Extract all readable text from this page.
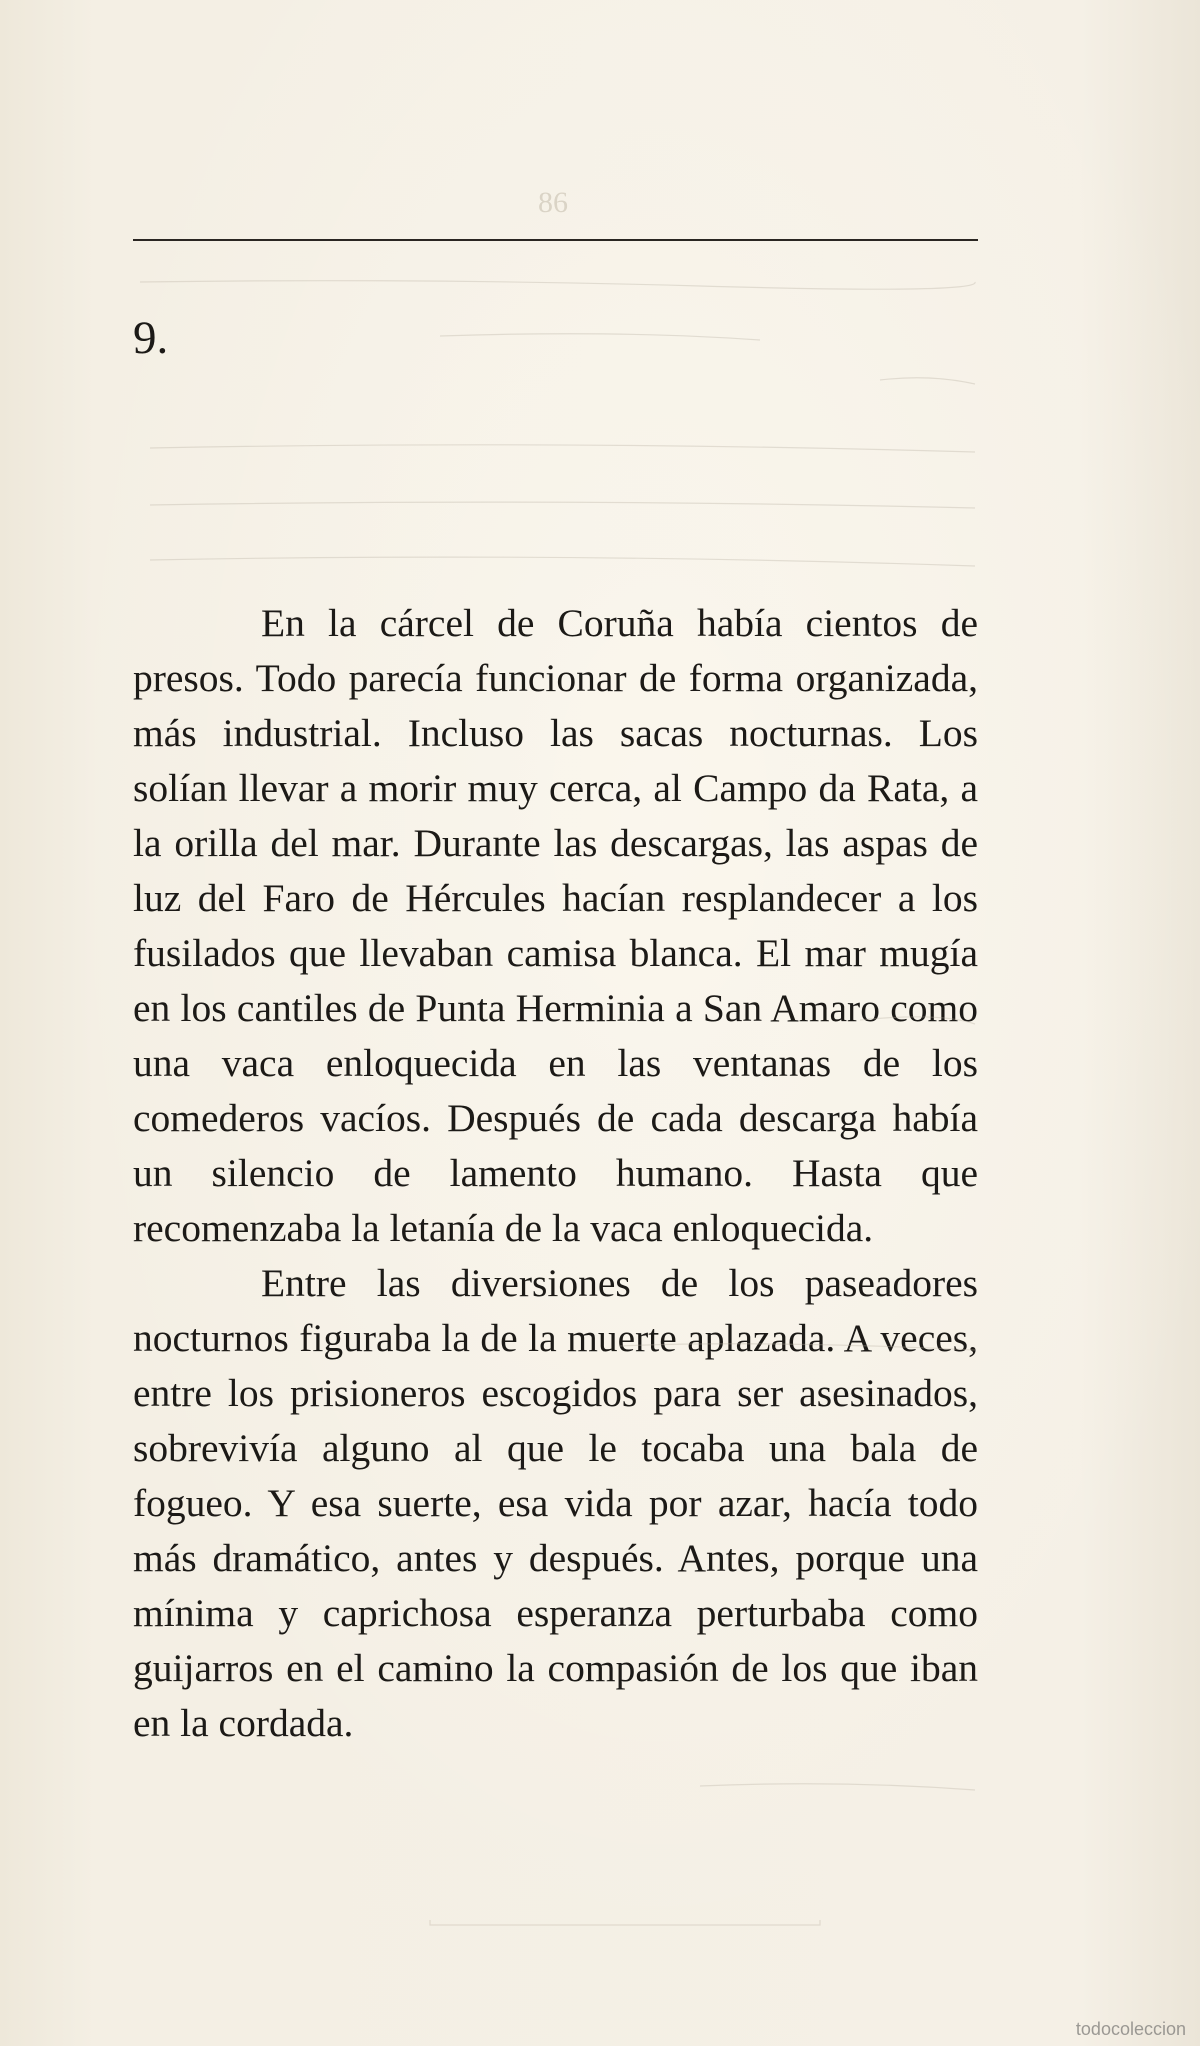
86
9.

En la cárcel de Coruña había cientos de presos. Todo parecía funcionar de forma organizada, más industrial. Incluso las sacas nocturnas. Los solían llevar a morir muy cerca, al Campo da Rata, a la orilla del mar. Durante las descargas, las aspas de luz del Faro de Hércules hacían resplandecer a los fusilados que llevaban camisa blanca. El mar mugía en los cantiles de Punta Herminia a San Amaro como una vaca enloquecida en las ventanas de los comederos vacíos. Después de cada descarga había un silencio de lamento humano. Hasta que recomenzaba la letanía de la vaca enloquecida.

Entre las diversiones de los paseadores nocturnos figuraba la de la muerte aplazada. A veces, entre los prisioneros escogidos para ser asesinados, sobrevivía alguno al que le tocaba una bala de fogueo. Y esa suerte, esa vida por azar, hacía todo más dramático, antes y después. Antes, porque una mínima y caprichosa esperanza perturbaba como guijarros en el camino la compasión de los que iban en la cordada.

todocoleccion
